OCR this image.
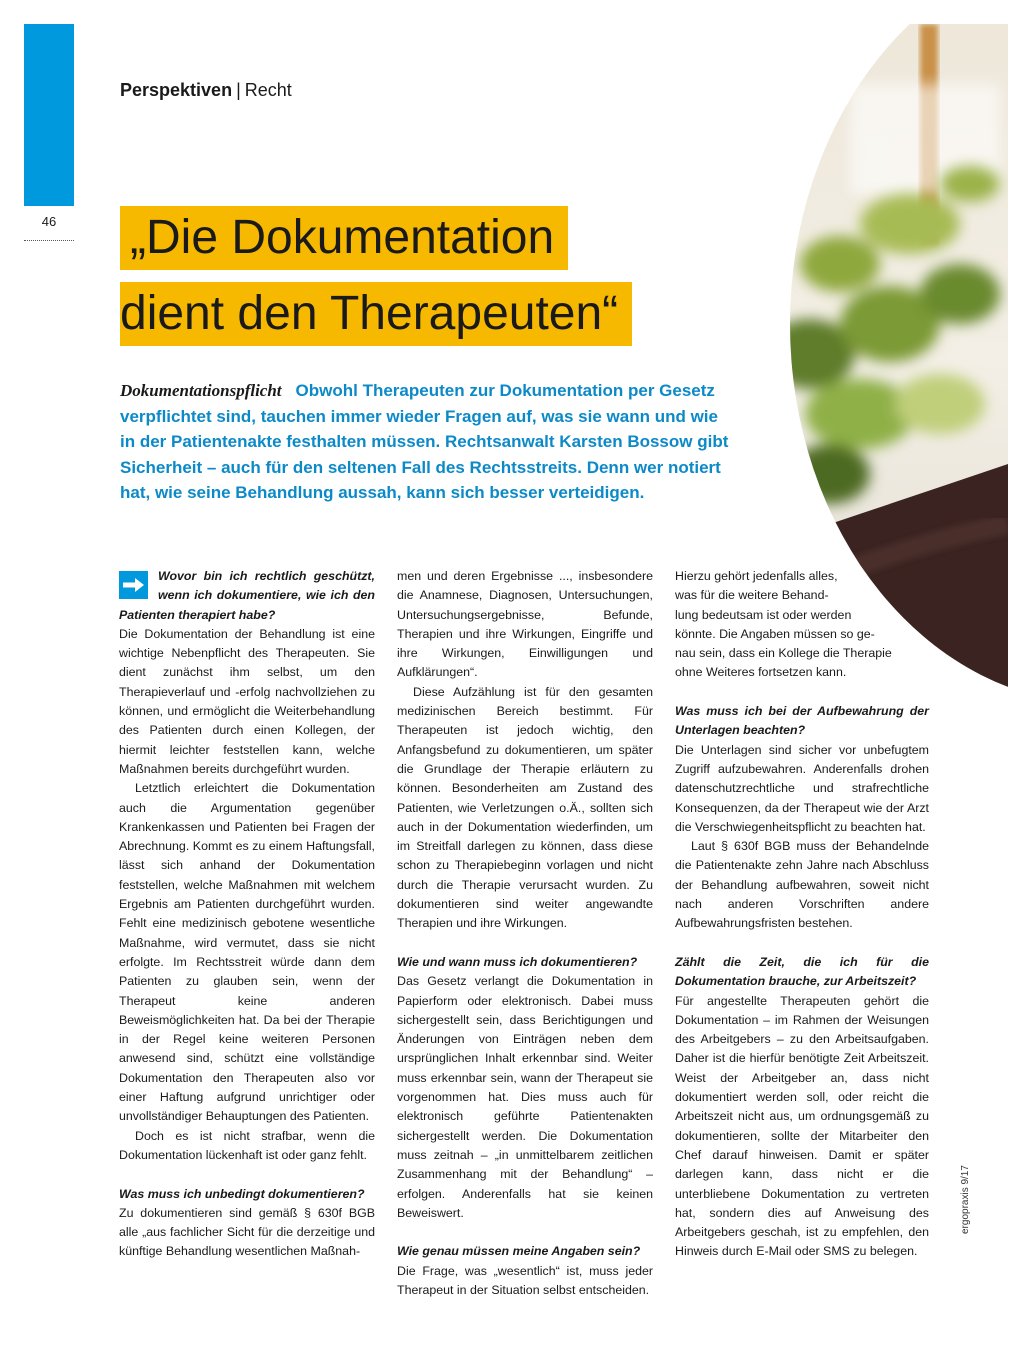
46
Perspektiven | Recht
„Die Dokumentation
dient den Therapeuten“
Dokumentationspflicht Obwohl Therapeuten zur Dokumentation per Gesetz verpflichtet sind, tauchen immer wieder Fragen auf, was sie wann und wie in der Patientenakte festhalten müssen. Rechtsanwalt Karsten Bossow gibt Sicherheit – auch für den seltenen Fall des Rechtsstreits. Denn wer notiert hat, wie seine Behandlung aussah, kann sich besser verteidigen.
Wovor bin ich rechtlich geschützt, wenn ich dokumentiere, wie ich den Patienten therapiert habe?

Die Dokumentation der Behandlung ist eine wichtige Nebenpflicht des Therapeuten. Sie dient zunächst ihm selbst, um den Therapieverlauf und -erfolg nachvollziehen zu können, und ermöglicht die Weiterbehandlung des Patienten durch einen Kollegen, der hiermit leichter feststellen kann, welche Maßnahmen bereits durchgeführt wurden.

Letztlich erleichtert die Dokumentation auch die Argumentation gegenüber Krankenkassen und Patienten bei Fragen der Abrechnung. Kommt es zu einem Haftungsfall, lässt sich anhand der Dokumentation feststellen, welche Maßnahmen mit welchem Ergebnis am Patienten durchgeführt wurden. Fehlt eine medizinisch gebotene wesentliche Maßnahme, wird vermutet, dass sie nicht erfolgte. Im Rechtsstreit würde dann dem Patienten zu glauben sein, wenn der Therapeut keine anderen Beweismöglichkeiten hat. Da bei der Therapie in der Regel keine weiteren Personen anwesend sind, schützt eine vollständige Dokumentation den Therapeuten also vor einer Haftung aufgrund unrichtiger oder unvollständiger Behauptungen des Patienten.

Doch es ist nicht strafbar, wenn die Dokumentation lückenhaft ist oder ganz fehlt.

Was muss ich unbedingt dokumentieren?

Zu dokumentieren sind gemäß § 630f BGB alle „aus fachlicher Sicht für die derzeitige und künftige Behandlung wesentlichen Maßnah-

men und deren Ergebnisse ..., insbesondere die Anamnese, Diagnosen, Untersuchungen, Untersuchungsergebnisse, Befunde, Therapien und ihre Wirkungen, Eingriffe und ihre Wirkungen, Einwilligungen und Aufklärungen“.

Diese Aufzählung ist für den gesamten medizinischen Bereich bestimmt. Für Therapeuten ist jedoch wichtig, den Anfangsbefund zu dokumentieren, um später die Grundlage der Therapie erläutern zu können. Besonderheiten am Zustand des Patienten, wie Verletzungen o.Ä., sollten sich auch in der Dokumentation wiederfinden, um im Streitfall darlegen zu können, dass diese schon zu Therapiebeginn vorlagen und nicht durch die Therapie verursacht wurden. Zu dokumentieren sind weiter angewandte Therapien und ihre Wirkungen.

Wie und wann muss ich dokumentieren?

Das Gesetz verlangt die Dokumentation in Papierform oder elektronisch. Dabei muss sichergestellt sein, dass Berichtigungen und Änderungen von Einträgen neben dem ursprünglichen Inhalt erkennbar sind. Weiter muss erkennbar sein, wann der Therapeut sie vorgenommen hat. Dies muss auch für elektronisch geführte Patientenakten sichergestellt werden. Die Dokumentation muss zeitnah – „in unmittelbarem zeitlichen Zusammenhang mit der Behandlung“ – erfolgen. Anderenfalls hat sie keinen Beweiswert.

Wie genau müssen meine Angaben sein?

Die Frage, was „wesentlich“ ist, muss jeder Therapeut in der Situation selbst entscheiden.

Hierzu gehört jedenfalls alles,
was für die weitere Behand-
lung bedeutsam ist oder werden
könnte. Die Angaben müssen so ge-
nau sein, dass ein Kollege die Therapie
ohne Weiteres fortsetzen kann.
Was muss ich bei der Aufbewahrung der Unterlagen beachten?

Die Unterlagen sind sicher vor unbefugtem Zugriff aufzubewahren. Anderenfalls drohen datenschutzrechtliche und strafrechtliche Konsequenzen, da der Therapeut wie der Arzt die Verschwiegenheitspflicht zu beachten hat.

Laut § 630f BGB muss der Behandelnde die Patientenakte zehn Jahre nach Abschluss der Behandlung aufbewahren, soweit nicht nach anderen Vorschriften andere Aufbewahrungsfristen bestehen.

Zählt die Zeit, die ich für die Dokumentation brauche, zur Arbeitszeit?

Für angestellte Therapeuten gehört die Dokumentation – im Rahmen der Weisungen des Arbeitgebers – zu den Arbeitsaufgaben. Daher ist die hierfür benötigte Zeit Arbeitszeit. Weist der Arbeitgeber an, dass nicht dokumentiert werden soll, oder reicht die Arbeitszeit nicht aus, um ordnungsgemäß zu dokumentieren, sollte der Mitarbeiter den Chef darauf hinweisen. Damit er später darlegen kann, dass nicht er die unterbliebene Dokumentation zu vertreten hat, sondern dies auf Anweisung des Arbeitgebers geschah, ist zu empfehlen, den Hinweis durch E-Mail oder SMS zu belegen.

ergopraxis 9/17
